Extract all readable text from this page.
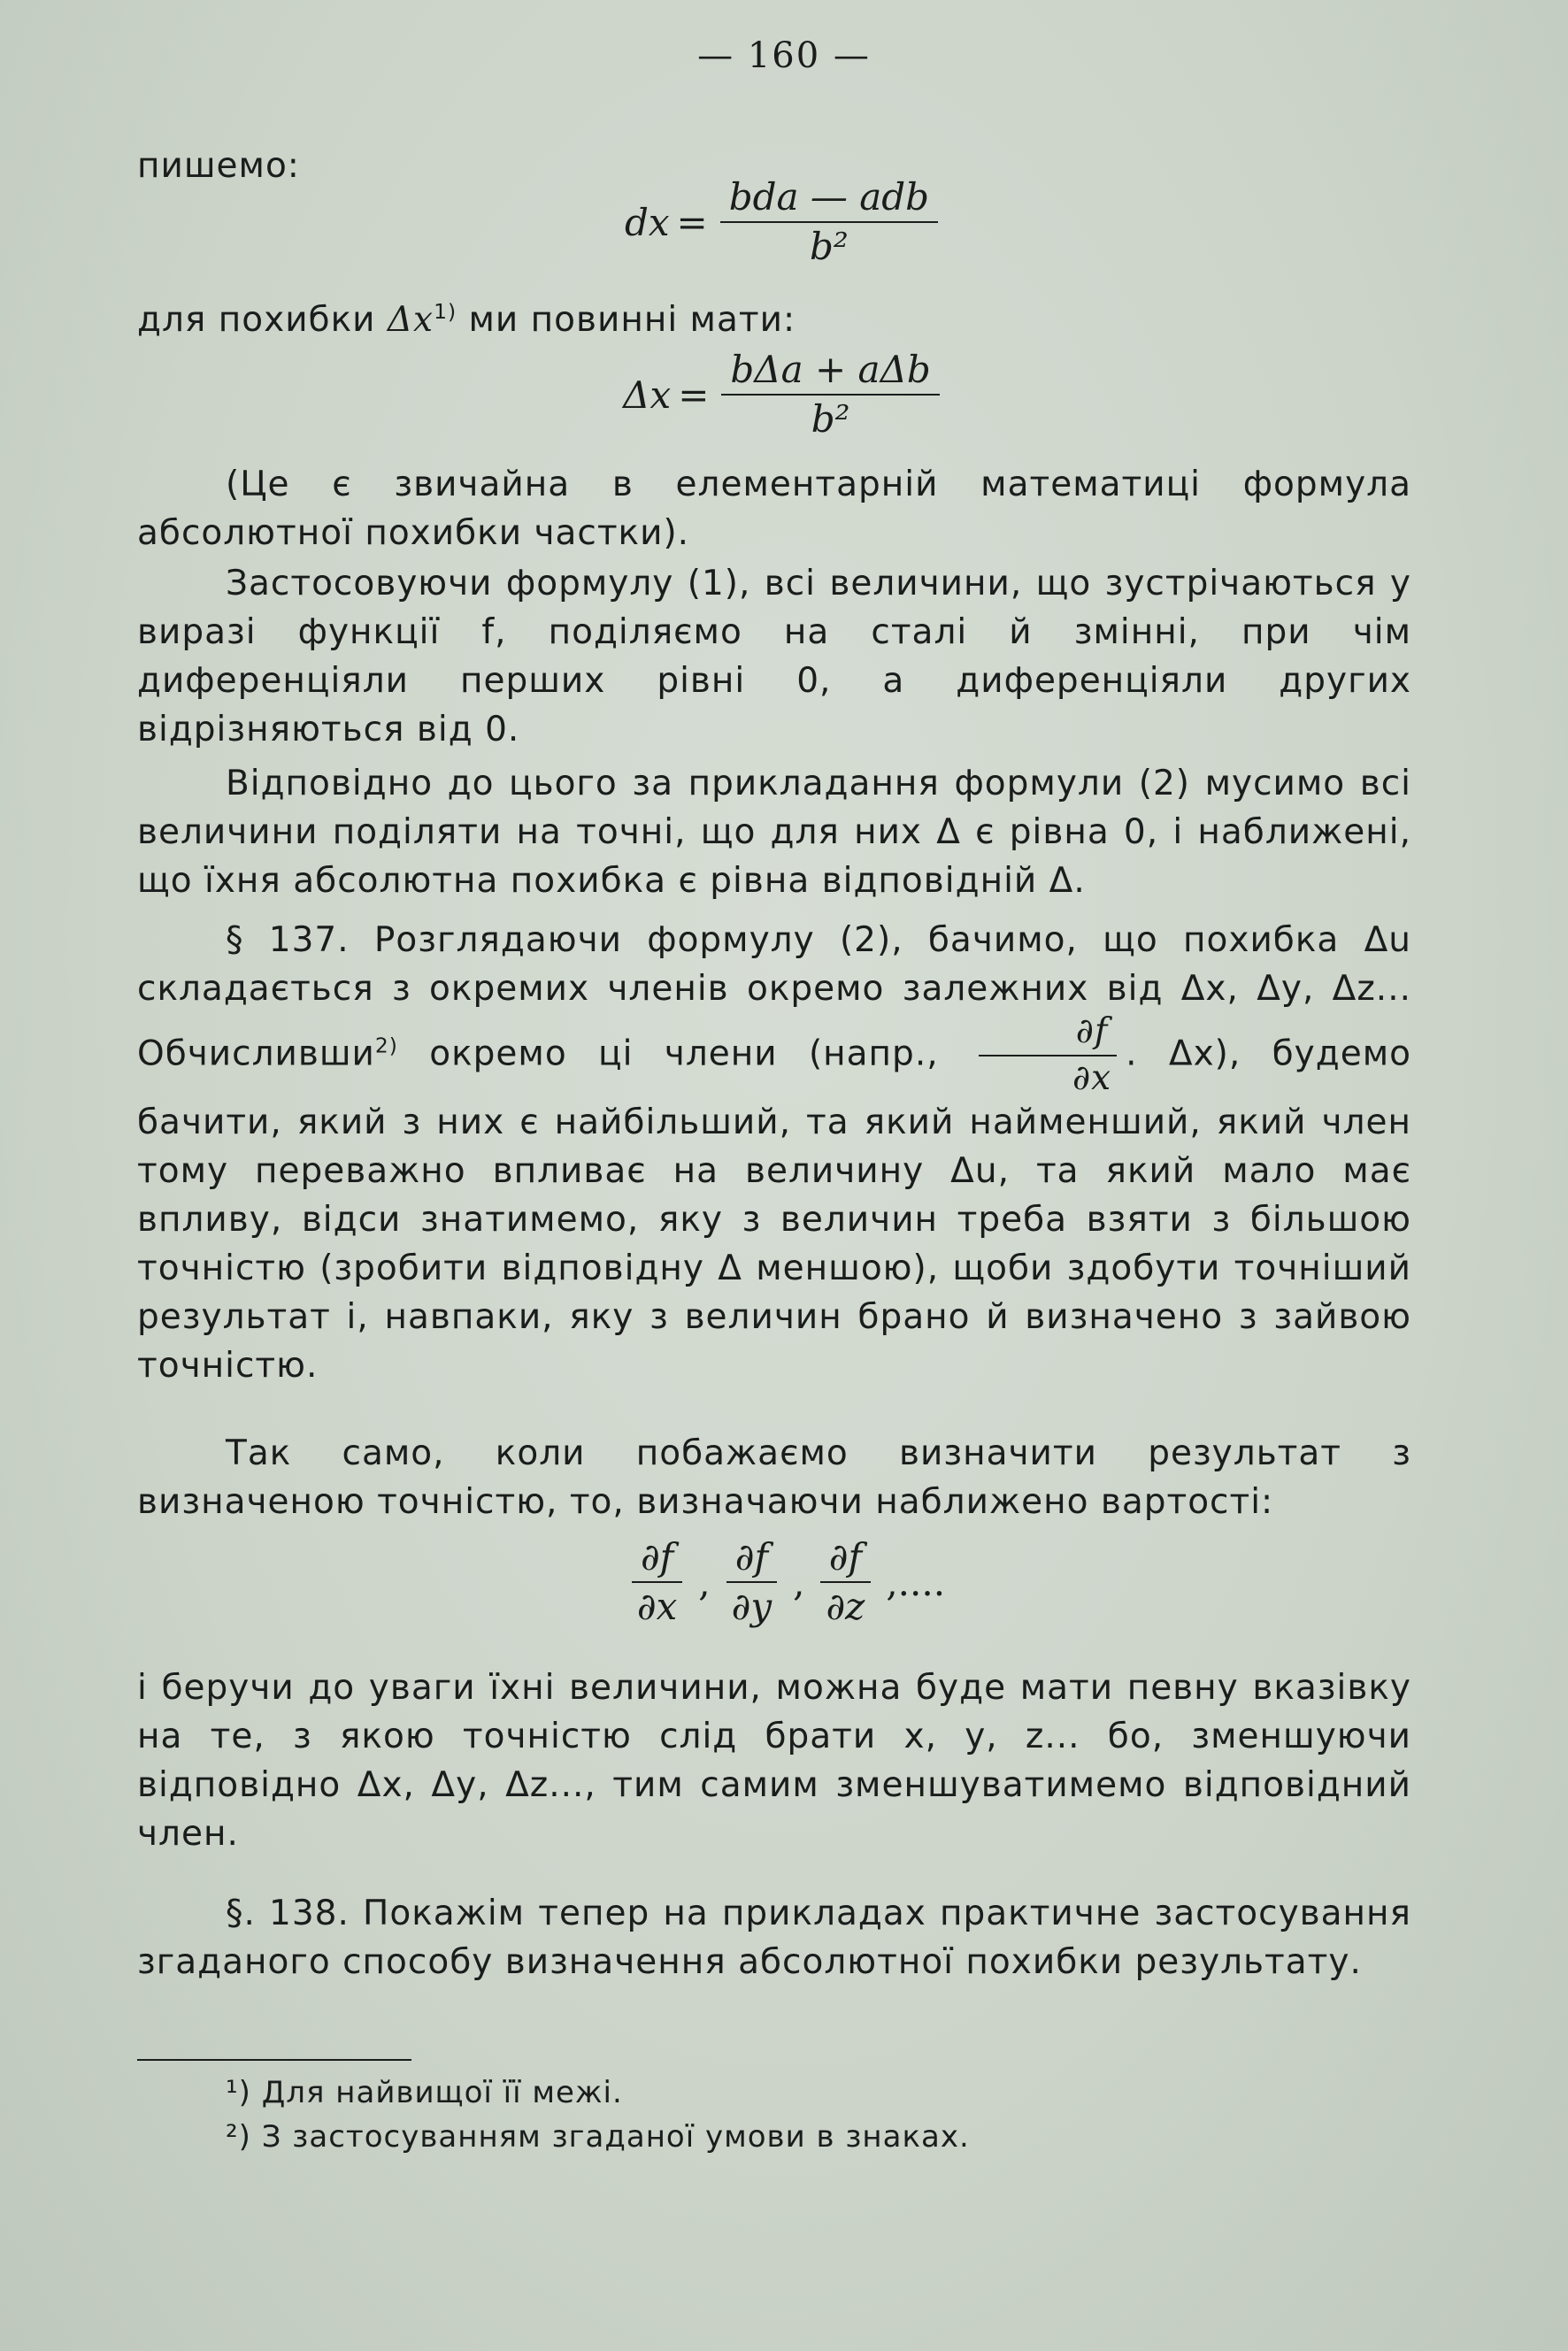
— 160 —
пишемо:
dx = $\frac{\text{bda — adb}}{\text{b²}}$
для похибки $\Delta x^{1)}$ ми повинні мати:
$\Delta x = \frac{\text{bΔa + aΔb}}{\text{b²}}$
(Це є звичайна в елементарній математиці формула абсолютної похибки частки).
Застосовуючи формулу (1), всі величини, що зустрічаються у виразі функції f, поділяємо на сталі й змінні, при чім диференціяли перших рівні 0, а диференціяли других відрізняються від 0.
Відповідно до цього за прикладання формули (2) мусимо всі величини поділяти на точні, що для них Δ є рівна 0, і наближені, що їхня абсолютна похибка є рівна відповідній Δ.
§ 137. Розглядаючи формулу (2), бачимо, що похибка Δu складається з окремих членів окремо залежних від Δx, Δy, Δz... Обчисливши$^{2)}$ окремо ці члени (напр., $\frac{\partial f}{\partial x}$ . Δx), будемо бачити, який з них є найбільший, та який найменший, який член тому переважно впливає на величину Δu, та який мало має впливу, відси знатимемо, яку з величин треба взяти з більшою точністю (зробити відповідну Δ меншою), щоби здобути точніший результат і, навпаки, яку з величин брано й визначено з зайвою точністю.
Так само, коли побажаємо визначити результат з визначеною точністю, то, визначаючи наближено вартості:
$\frac{\partial f}{\partial x}$ , $\frac{\partial f}{\partial y}$ , $\frac{\partial f}{\partial z}$ ,....
і беручи до уваги їхні величини, можна буде мати певну вказівку на те, з якою точністю слід брати x, y, z... бо, зменшуючи відповідно Δx, Δy, Δz..., тим самим зменшуватимемо відповідний член.
§. 138. Покажім тепер на прикладах практичне застосування згаданого способу визначення абсолютної похибки результату.
¹) Для найвищої її межі.
²) З застосуванням згаданої умови в знаках.
